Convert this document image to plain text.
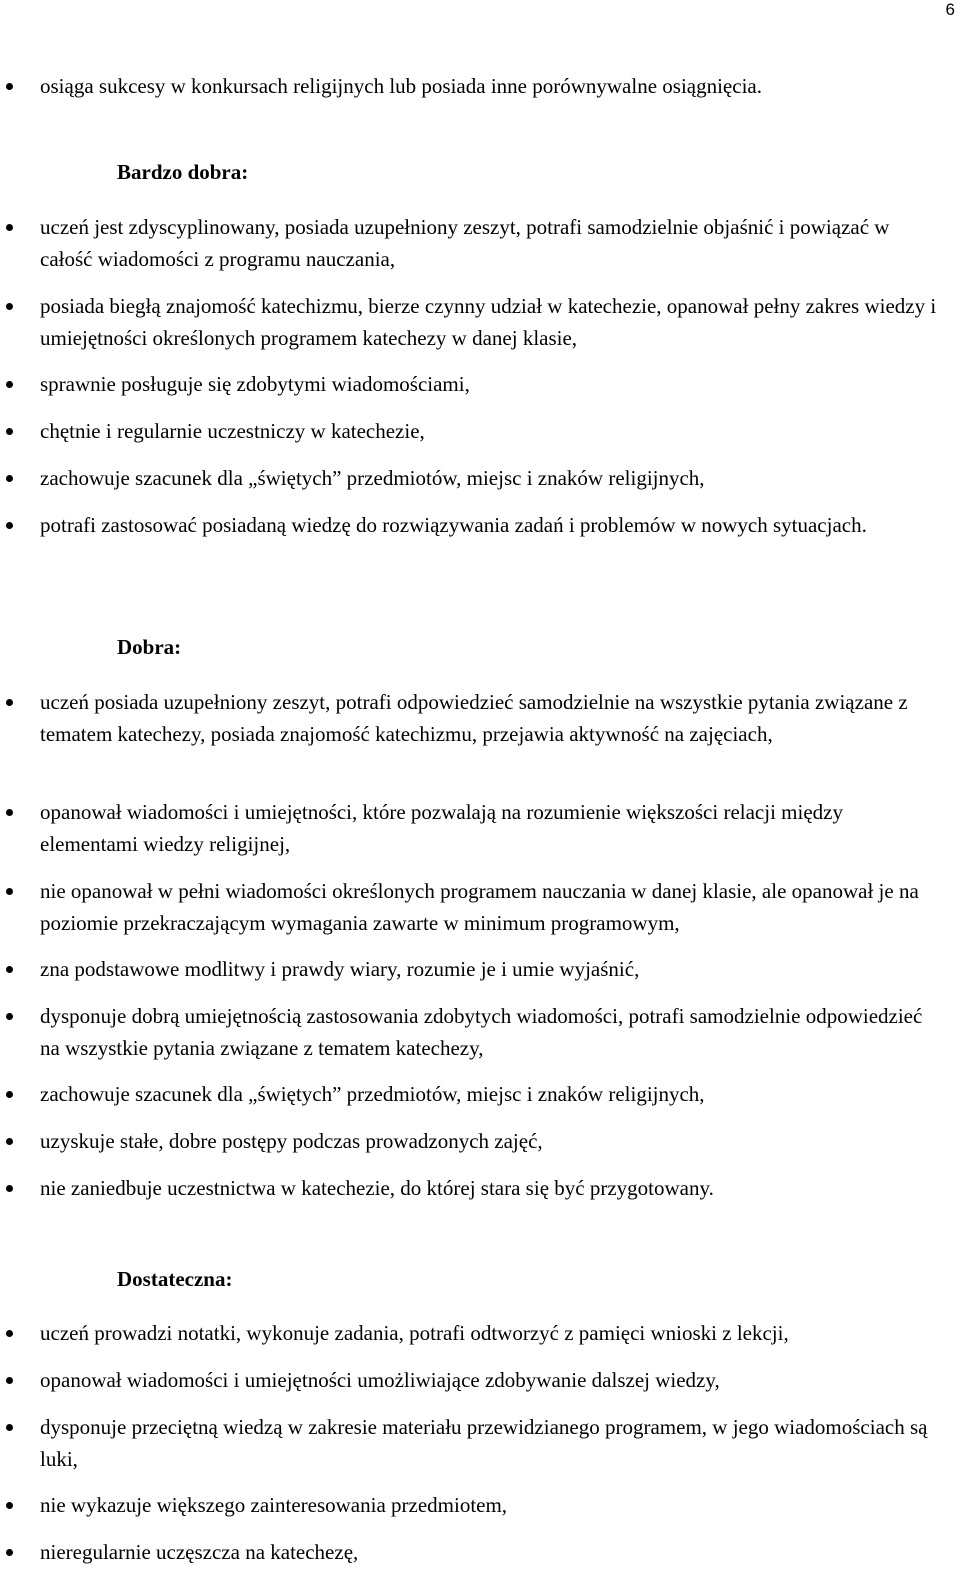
6
osiąga sukcesy w konkursach religijnych lub posiada inne porównywalne osiągnięcia.
Bardzo dobra:
uczeń jest zdyscyplinowany, posiada uzupełniony zeszyt, potrafi samodzielnie objaśnić i powiązać w całość wiadomości z programu nauczania,
posiada biegłą znajomość katechizmu, bierze czynny udział w katechezie, opanował pełny zakres wiedzy i umiejętności określonych programem katechezy w danej klasie,
sprawnie posługuje się zdobytymi wiadomościami,
chętnie i regularnie uczestniczy w katechezie,
zachowuje szacunek dla „świętych” przedmiotów, miejsc i znaków religijnych,
potrafi zastosować posiadaną wiedzę do rozwiązywania zadań i problemów w nowych sytuacjach.
Dobra:
uczeń posiada uzupełniony zeszyt, potrafi odpowiedzieć samodzielnie na wszystkie pytania związane z tematem katechezy, posiada znajomość katechizmu, przejawia aktywność na zajęciach,
opanował wiadomości i umiejętności, które pozwalają na rozumienie większości relacji między elementami wiedzy religijnej,
nie opanował w pełni wiadomości określonych programem nauczania w danej klasie, ale opanował je na poziomie przekraczającym wymagania zawarte w minimum programowym,
zna podstawowe modlitwy i prawdy wiary, rozumie je i umie wyjaśnić,
dysponuje dobrą umiejętnością zastosowania zdobytych wiadomości, potrafi samodzielnie odpowiedzieć na wszystkie pytania związane z tematem katechezy,
zachowuje szacunek dla „świętych” przedmiotów, miejsc i znaków religijnych,
uzyskuje stałe, dobre postępy podczas prowadzonych zajęć,
nie zaniedbuje uczestnictwa w katechezie, do której stara się być przygotowany.
Dostateczna:
uczeń prowadzi notatki, wykonuje zadania, potrafi odtworzyć z pamięci wnioski z lekcji,
opanował wiadomości i umiejętności umożliwiające zdobywanie dalszej wiedzy,
dysponuje przeciętną wiedzą w zakresie materiału przewidzianego programem, w jego wiadomościach są luki,
nie wykazuje większego zainteresowania przedmiotem,
nieregularnie uczęszcza na katechezę,
